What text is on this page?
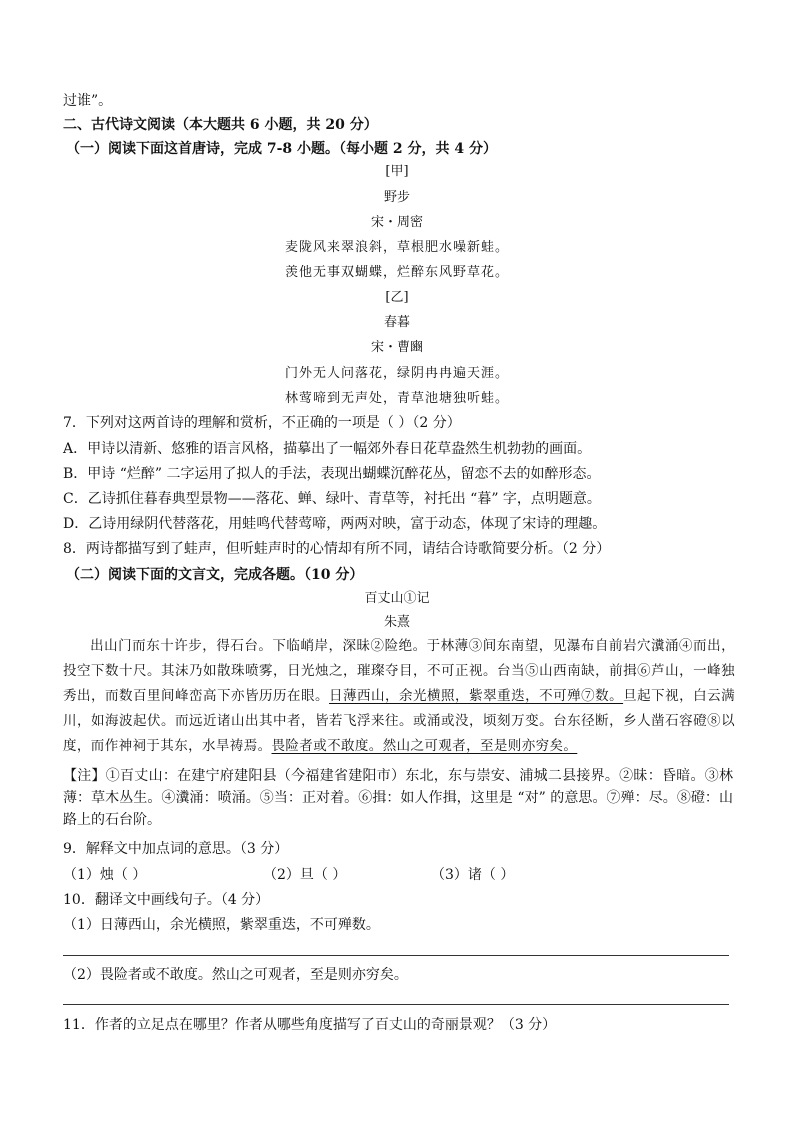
过谁”。
二、古代诗文阅读（本大题共 6 小题，共 20 分）
（一）阅读下面这首唐诗，完成 7-8 小题。（每小题 2 分，共 4 分）
[甲]
野步
宋・周密
麦陇风来翠浪斜，草根肥水噪新蛙。
羡他无事双蝴蝶，烂醉东风野草花。
[乙]
春暮
宋・曹豳
门外无人问落花，绿阴冉冉遍天涯。
林莺啼到无声处，青草池塘独听蛙。
7．下列对这两首诗的理解和赏析，不正确的一项是（ ）（2 分）
A．甲诗以清新、悠雅的语言风格，描摹出了一幅郊外春日花草盎然生机勃勃的画面。
B．甲诗 “烂醉” 二字运用了拟人的手法，表现出蝴蝶沉醉花丛，留恋不去的如醉形态。
C．乙诗抓住暮春典型景物——落花、蝉、绿叶、青草等，衬托出 “暮” 字，点明题意。
D．乙诗用绿阴代替落花，用蛙鸣代替莺啼，两两对映，富于动态，体现了宋诗的理趣。
8．两诗都描写到了蛙声，但听蛙声时的心情却有所不同，请结合诗歌简要分析。（2 分）
（二）阅读下面的文言文，完成各题。（10 分）
百丈山①记
朱熹
出山门而东十许步，得石台。下临峭岸，深昧②险绝。于林薄③间东南望，见瀑布自前岩穴瀵涌④而出，投空下数十尺。其沫乃如散珠喷雾，日光烛之，璀璨夺目，不可正视。台当⑤山西南缺，前揖⑥芦山，一峰独秀出，而数百里间峰峦高下亦皆历历在眼。日薄西山，余光横照，紫翠重迭，不可殚⑦数。旦起下视，白云满川，如海波起伏。而远近诸山出其中者，皆若飞浮来往。或涌或没，顷刻万变。台东径断，乡人凿石容磴⑧以度，而作神祠于其东，水旱祷焉。畏险者或不敢度。然山之可观者，至是则亦穷矣。
【注】①百丈山：在建宁府建阳县（今福建省建阳市）东北，东与崇安、浦城二县接界。②昧：昏暗。③林薄：草木丛生。④瀵涌：喷涌。⑤当：正对着。⑥揖：如人作揖，这里是 “对” 的意思。⑦殚：尽。⑧磴：山路上的石台阶。
9．解释文中加点词的意思。（3 分）
（1）烛（ ）	（2）旦（ ）	（3）诸（ ）
10．翻译文中画线句子。（4 分）
（1）日薄西山，余光横照，紫翠重迭，不可殚数。
（2）畏险者或不敢度。然山之可观者，至是则亦穷矣。
11．作者的立足点在哪里？作者从哪些角度描写了百丈山的奇丽景观？（3 分）
